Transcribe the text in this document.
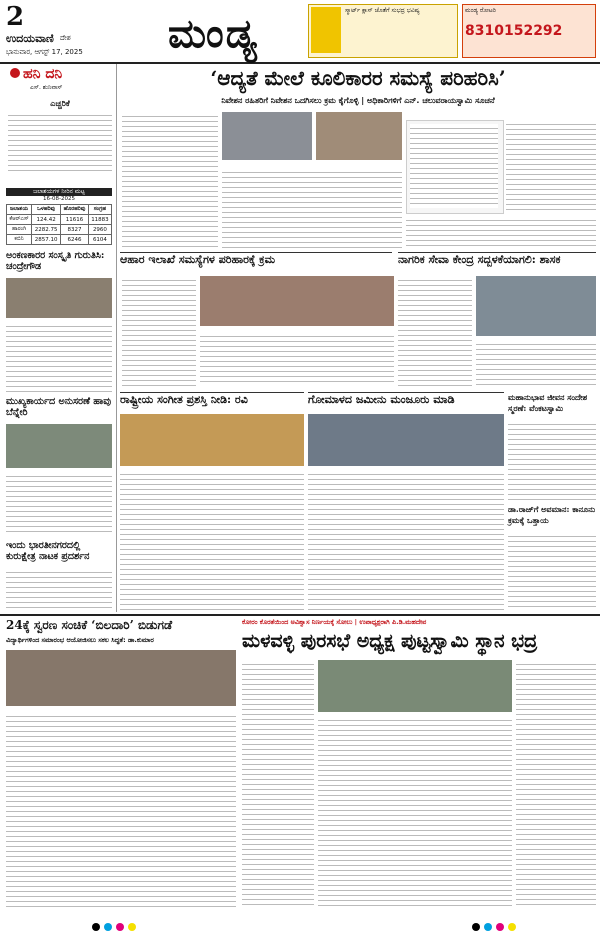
2
ಉದಯವಾಣಿ ದೇಶ
ಭಾನುವಾರ, ಆಗಸ್ಟ್ 17, 2025 ಮಂಡ್ಯ	ಸ್ಮಾರ್ಟ್ ಕ್ಲಾಸ್ ಜೊತೆಗೆ ಸುಭದ್ರ ಭವಿಷ್ಯ	ಮಂಡ್ಯ ರೋಟರಿ
8310152292
ಹನಿ ದನಿ
ಎಸ್. ಶುನಿವಾಸ್
ಎಚ್ಚರಿಕೆ
ಜಲಾಶಯಗಳ ನೀರಿನ ಮಟ್ಟ
16-08-2025
ಜಲಾಶಯ	ಒಳಹರಿವು	ಹೊರಹರಿವು	ಸಂಗ್ರಹ
ಕೆಆರ್‌ಎಸ್	124.42	11616	11883
ಹಾರಂಗಿ	2282.75	8327	2960
ಕಬಿನಿ	2857.10	6246	6104
ಅಂಕಣಕಾರರ ಸಂಸ್ಕೃತಿ ಗುರುತಿಸಿ: ಚಂದ್ರೇಗೌಡ
ಮುಖ್ಯಕಾರ್ಯದ ಅನುಸರಣೆ ಹಾವು ಬೆನ್ನೇರಿ
ಇಂದು ಭಾರತೀನಗರದಲ್ಲಿ ಕುರುಕ್ಷೇತ್ರ ನಾಟಕ ಪ್ರದರ್ಶನ
‘ಆದ್ಯತೆ ಮೇಲೆ ಕೂಲಿಕಾರರ ಸಮಸ್ಯೆ ಪರಿಹರಿಸಿ’
ನಿವೇಶನ ರಹಿತರಿಗೆ ನಿವೇಶನ ಒದಗಿಸಲು ಕ್ರಮ ಕೈಗೊಳ್ಳಿ | ಅಧಿಕಾರಿಗಳಿಗೆ ಎನ್. ಚಲುವರಾಯಸ್ವಾಮಿ ಸೂಚನೆ
ಆಹಾರ ಇಲಾಖೆ ಸಮಸ್ಯೆಗಳ ಪರಿಹಾರಕ್ಕೆ ಕ್ರಮ	ನಾಗರಿಕ ಸೇವಾ ಕೇಂದ್ರ ಸದ್ಬಳಕೆಯಾಗಲಿ: ಶಾಸಕ
ರಾಷ್ಟ್ರೀಯ ಸಂಗೀತ ಪ್ರಶಸ್ತಿ ನೀಡಿ: ರವಿ	ಗೋಮಾಳದ ಜಮೀನು ಮಂಜೂರು ಮಾಡಿ	ಮಹಾನುಭಾವ ಜೀವನ ಸಂದೇಶ ಸ್ಮರಣೆ: ವೆಂಕಟಸ್ವಾಮಿ
ಡಾ.ರಾಜ್‌ಗೆ ಅವಮಾನ: ಕಾನೂನು ಕ್ರಮಕ್ಕೆ ಒತ್ತಾಯ
24ಕ್ಕೆ ಸ್ವರಣ ಸಂಚಿಕೆ ‘ಬಿಲದಾರಿ’ ಬಿಡುಗಡೆ
ವಿದ್ಯಾರ್ಥಿಗಳಿಂದ ಸಮಾರಂಭ ಆಯೋಜಿಸಲು ಸಕಲ ಸಿದ್ಧತೆ: ಡಾ.ಕುಮಾರ
ಕೋರಂ ಕೊರತೆಯಿಂದ ಅವಿಶ್ವಾಸ ನಿರ್ಣಯಕ್ಕೆ ಸೋಲು | ಉಪಾಧ್ಯಕ್ಷರಾಗಿ ಪಿ.ಡಿ.ಮಹದೇವ
ಮಳವಳ್ಳಿ ಪುರಸಭೆ ಅಧ್ಯಕ್ಷ ಪುಟ್ಟಸ್ವಾಮಿ ಸ್ಥಾನ ಭದ್ರ
